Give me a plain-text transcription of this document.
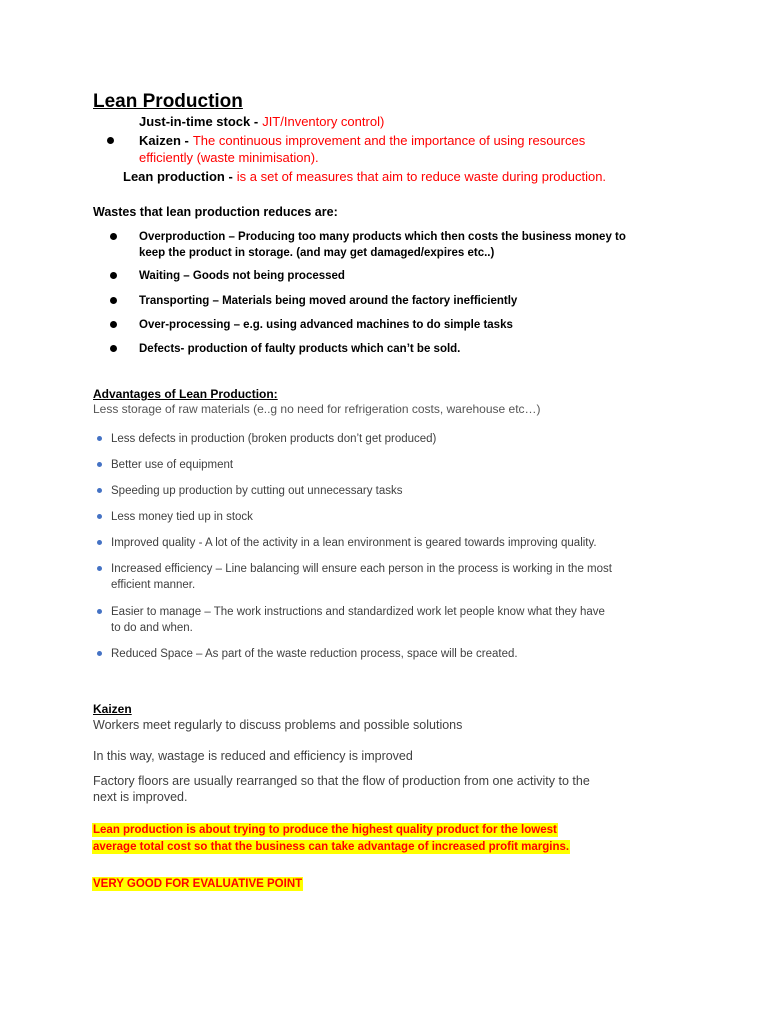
Lean Production
Just-in-time stock - JIT/Inventory control)
Kaizen - The continuous improvement and the importance of using resources
efficiently (waste minimisation).
Lean production - is a set of measures that aim to reduce waste during production.
Wastes that lean production reduces are:
Overproduction – Producing too many products which then costs the business money to
keep the product in storage. (and may get damaged/expires etc..)
Waiting – Goods not being processed
Transporting – Materials being moved around the factory inefficiently
Over-processing – e.g. using advanced machines to do simple tasks
Defects- production of faulty products which can’t be sold.
Advantages of Lean Production:
Less storage of raw materials (e..g no need for refrigeration costs, warehouse etc…)
Less defects in production (broken products don’t get produced)
Better use of equipment
Speeding up production by cutting out unnecessary tasks
Less money tied up in stock
Improved quality - A lot of the activity in a lean environment is geared towards improving quality.
Increased efficiency – Line balancing will ensure each person in the process is working in the most
efficient manner.
Easier to manage – The work instructions and standardized work let people know what they have
to do and when.
Reduced Space – As part of the waste reduction process, space will be created.
Kaizen
Workers meet regularly to discuss problems and possible solutions
In this way, wastage is reduced and efficiency is improved
Factory floors are usually rearranged so that the flow of production from one activity to the
next is improved.
Lean production is about trying to produce the highest quality product for the lowest
average total cost so that the business can take advantage of increased profit margins.
VERY GOOD FOR EVALUATIVE POINT
